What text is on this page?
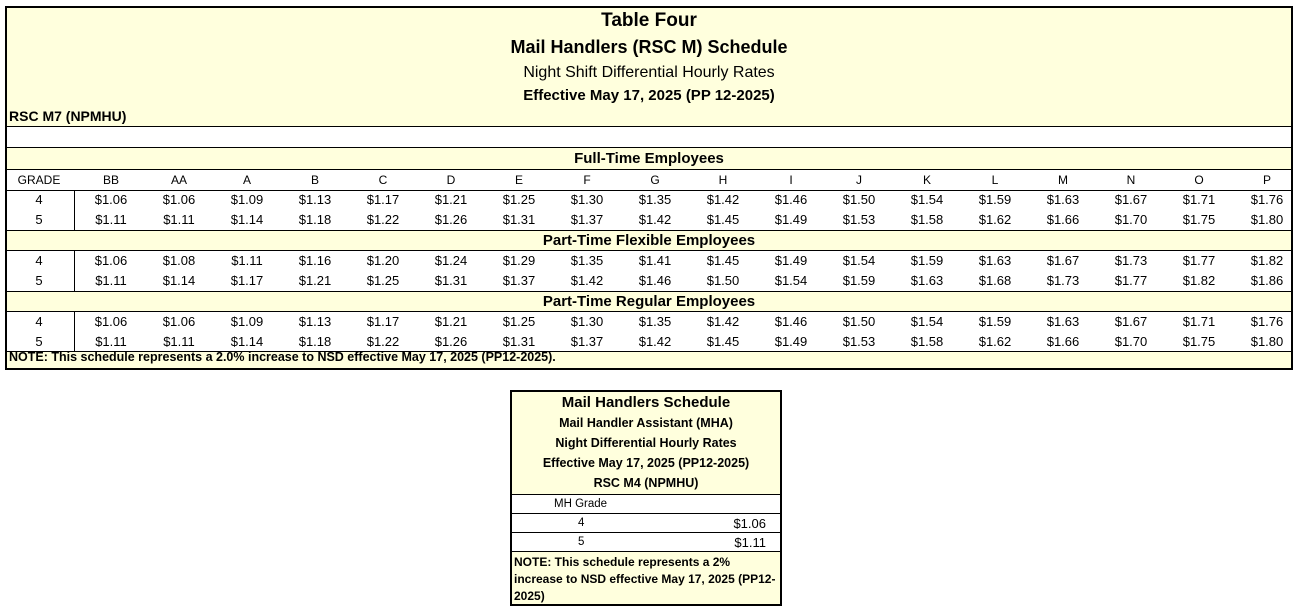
Table Four
Mail Handlers (RSC M) Schedule
Night Shift Differential Hourly Rates
Effective May 17, 2025 (PP 12-2025)
RSC M7 (NPMHU)
Full-Time Employees
GRADE	BB	AA	A	B	C	D	E	F	G	H	I	J	K	L	M	N	O	P
4	$1.06	$1.06	$1.09	$1.13	$1.17	$1.21	$1.25	$1.30	$1.35	$1.42	$1.46	$1.50	$1.54	$1.59	$1.63	$1.67	$1.71	$1.76
5	$1.11	$1.11	$1.14	$1.18	$1.22	$1.26	$1.31	$1.37	$1.42	$1.45	$1.49	$1.53	$1.58	$1.62	$1.66	$1.70	$1.75	$1.80
Part-Time Flexible Employees
4	$1.06	$1.08	$1.11	$1.16	$1.20	$1.24	$1.29	$1.35	$1.41	$1.45	$1.49	$1.54	$1.59	$1.63	$1.67	$1.73	$1.77	$1.82
5	$1.11	$1.14	$1.17	$1.21	$1.25	$1.31	$1.37	$1.42	$1.46	$1.50	$1.54	$1.59	$1.63	$1.68	$1.73	$1.77	$1.82	$1.86
Part-Time Regular Employees
4	$1.06	$1.06	$1.09	$1.13	$1.17	$1.21	$1.25	$1.30	$1.35	$1.42	$1.46	$1.50	$1.54	$1.59	$1.63	$1.67	$1.71	$1.76
5	$1.11	$1.11	$1.14	$1.18	$1.22	$1.26	$1.31	$1.37	$1.42	$1.45	$1.49	$1.53	$1.58	$1.62	$1.66	$1.70	$1.75	$1.80
NOTE: This schedule represents a 2.0% increase to NSD effective May 17, 2025 (PP12-2025).
Mail Handlers Schedule
Mail Handler Assistant (MHA)
Night Differential Hourly Rates
Effective May 17, 2025 (PP12-2025)
RSC M4 (NPMHU)
MH Grade
4	$1.06
5	$1.11
NOTE: This schedule represents a 2% increase to NSD effective May 17, 2025 (PP12-2025)
